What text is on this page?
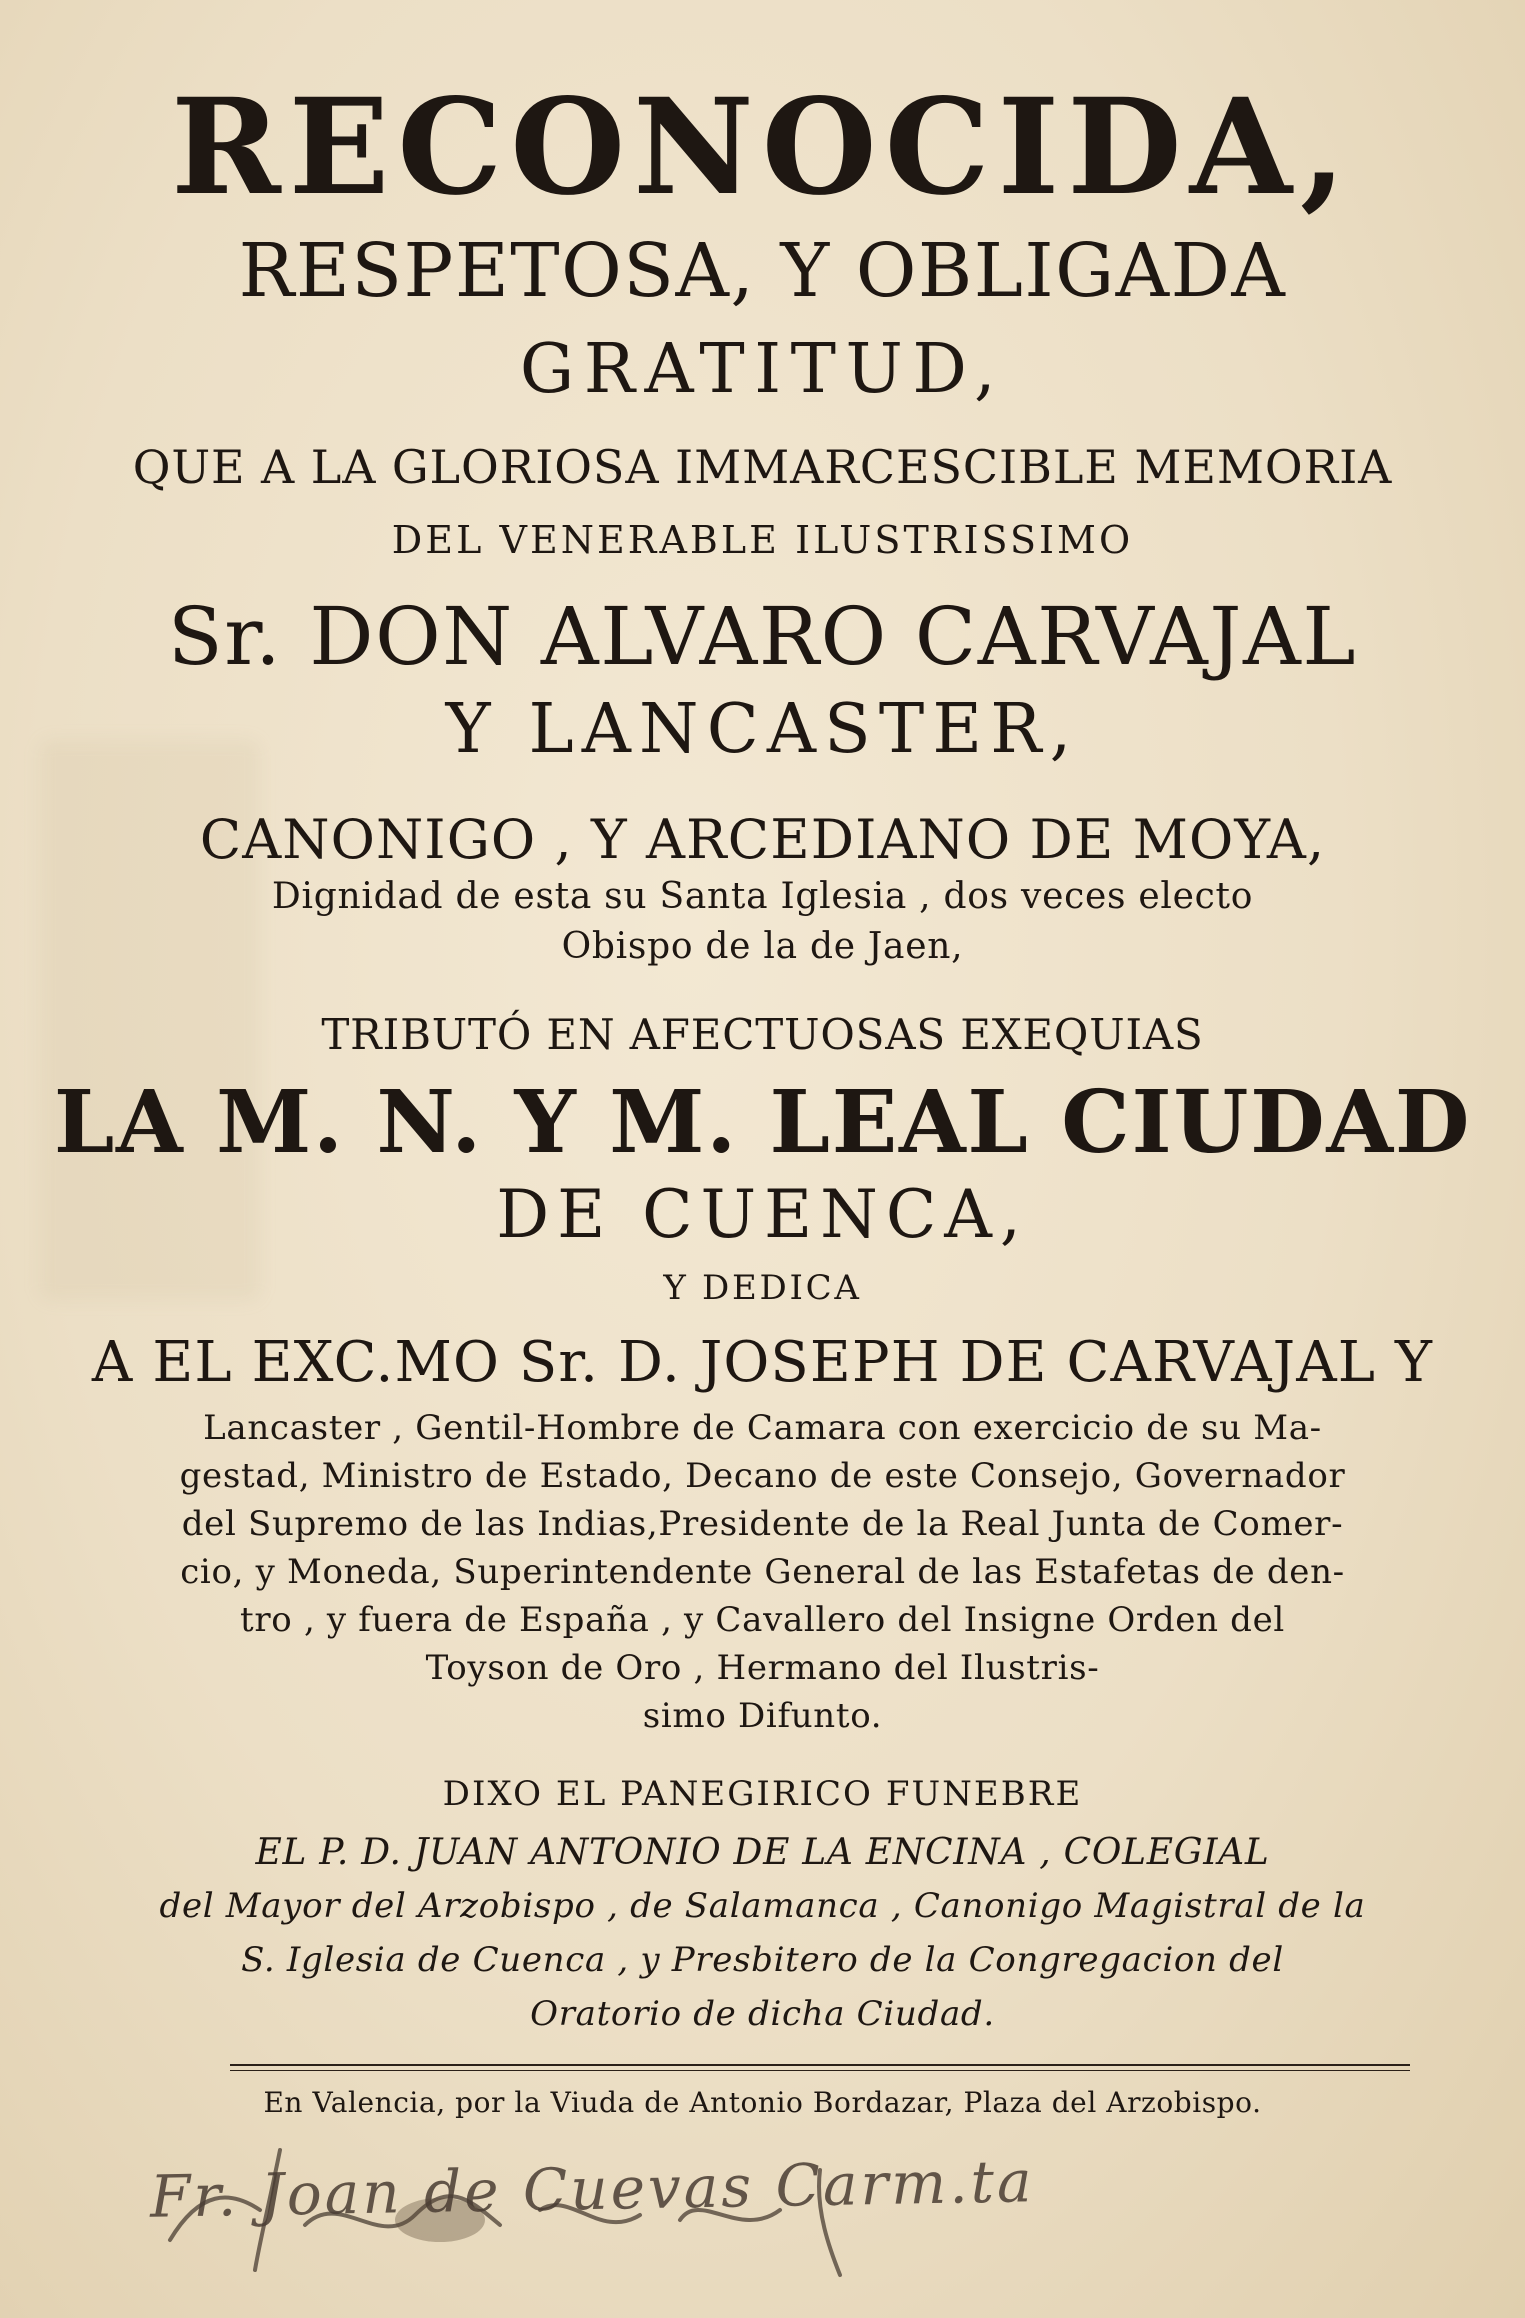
RECONOCIDA,
RESPETOSA, Y OBLIGADA
GRATITUD,
QUE A LA GLORIOSA IMMARCESCIBLE MEMORIA
DEL VENERABLE ILUSTRISSIMO
Sr. DON ALVARO CARVAJAL
Y LANCASTER,
CANONIGO , Y ARCEDIANO DE MOYA,
Dignidad de esta su Santa Iglesia , dos veces electo
Obispo de la de Jaen,
TRIBUTÓ EN AFECTUOSAS EXEQUIAS
LA M. N. Y M. LEAL CIUDAD
DE CUENCA,
Y DEDICA
A EL EXC.MO Sr. D. JOSEPH DE CARVAJAL Y
Lancaster , Gentil-Hombre de Camara con exercicio de su Ma-
gestad, Ministro de Estado, Decano de este Consejo, Governador
del Supremo de las Indias,Presidente de la Real Junta de Comer-
cio, y Moneda, Superintendente General de las Estafetas de den-
tro , y fuera de España , y Cavallero del Insigne Orden del
Toyson de Oro , Hermano del Ilustris-
simo Difunto.
DIXO EL PANEGIRICO FUNEBRE
EL P. D. JUAN ANTONIO DE LA ENCINA , COLEGIAL
del Mayor del Arzobispo , de Salamanca , Canonigo Magistral de la
S. Iglesia de Cuenca , y Presbitero de la Congregacion del
Oratorio de dicha Ciudad.
En Valencia, por la Viuda de Antonio Bordazar, Plaza del Arzobispo.
Fr. Joan de Cuevas Carm.ta
